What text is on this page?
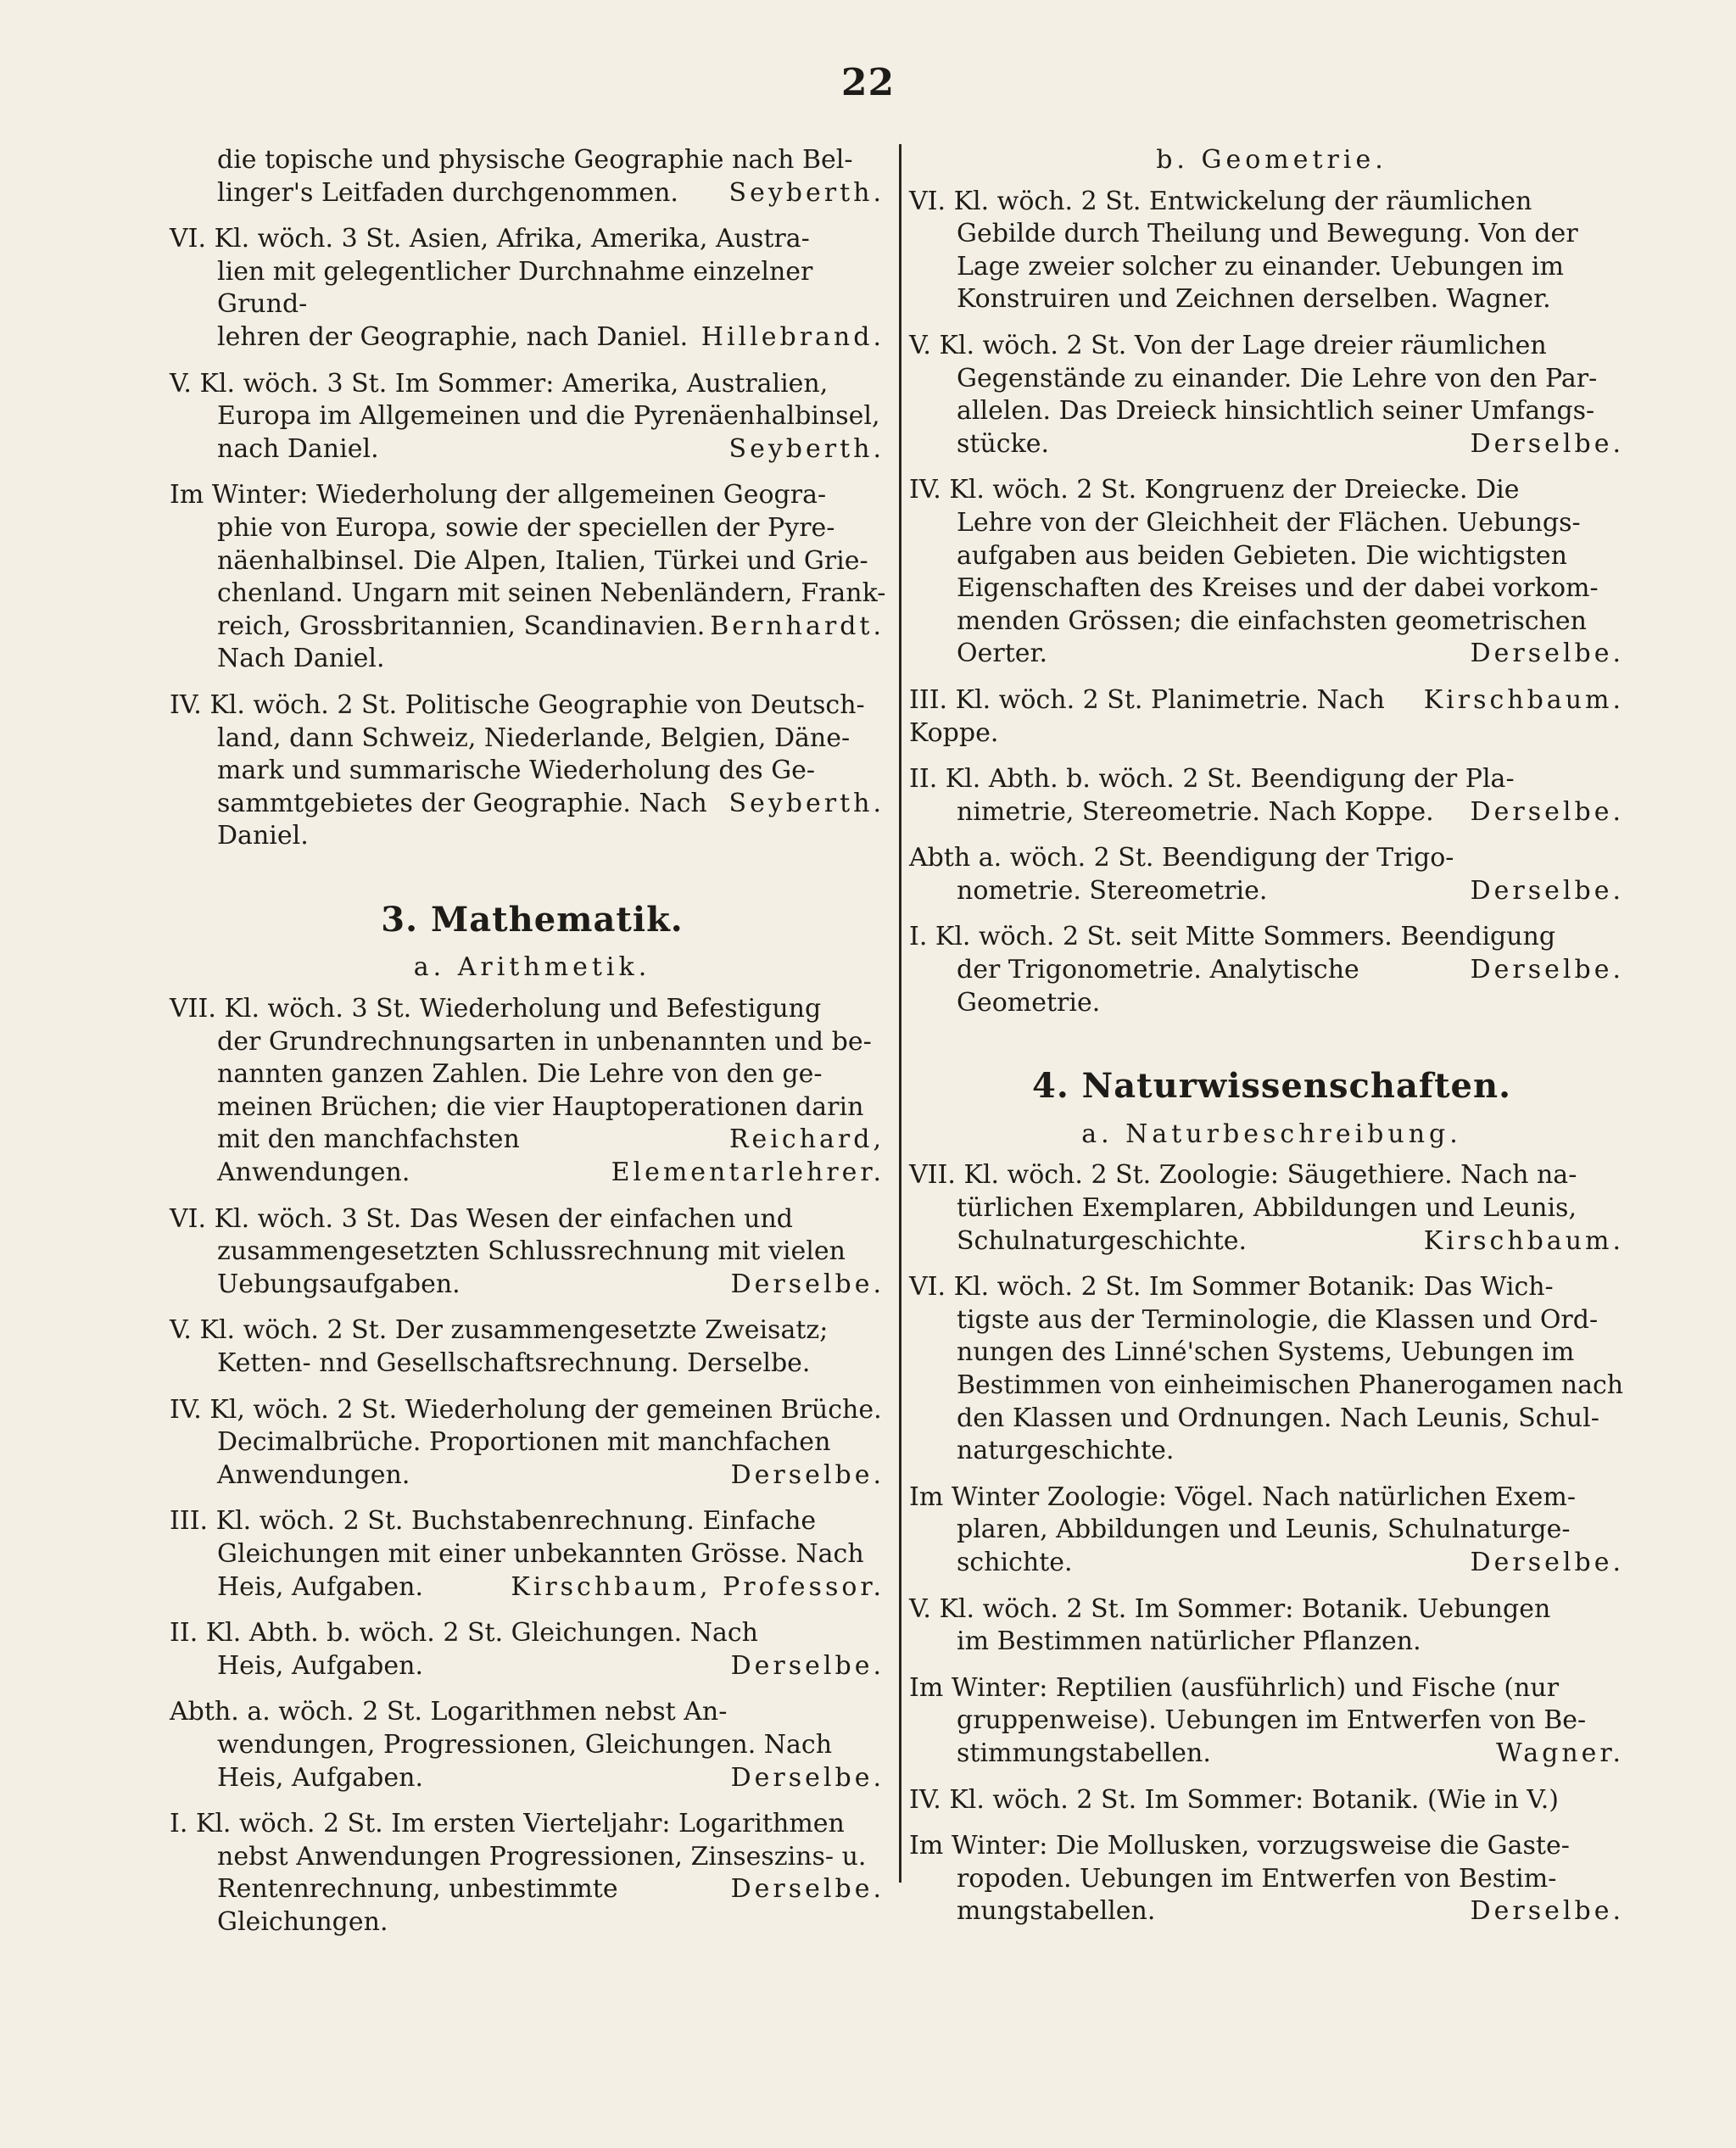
22

die topische und physische Geographie nach Bel-

linger's Leitfaden durchgenommen. Seyberth.

VI. Kl. wöch. 3 St. Asien, Afrika, Amerika, Austra-

lien mit gelegentlicher Durchnahme einzelner Grund-

lehren der Geographie, nach Daniel. Hillebrand.

V. Kl. wöch. 3 St. Im Sommer: Amerika, Australien,

Europa im Allgemeinen und die Pyrenäenhalbinsel,

nach Daniel.	Seyberth.

Im Winter: Wiederholung der allgemeinen Geogra-

phie von Europa, sowie der speciellen der Pyre-

näenhalbinsel. Die Alpen, Italien, Türkei und Grie-

chenland. Ungarn mit seinen Nebenländern, Frank-

reich, Grossbritannien, Scandinavien. Nach Daniel.
Bernhardt.

IV. Kl. wöch. 2 St. Politische Geographie von Deutsch-

land, dann Schweiz, Niederlande, Belgien, Däne-

mark und summarische Wiederholung des Ge-

sammtgebietes der Geographie. Nach Daniel.
Seyberth.

3. Mathematik.
a. Arithmetik.

VII. Kl. wöch. 3 St. Wiederholung und Befestigung

der Grundrechnungsarten in unbenannten und be-

nannten ganzen Zahlen. Die Lehre von den ge-

meinen Brüchen; die vier Hauptoperationen darin

mit den manchfachsten Anwendungen.
Reichard, Elementarlehrer.

VI. Kl. wöch. 3 St. Das Wesen der einfachen und

zusammengesetzten Schlussrechnung mit vielen

Uebungsaufgaben.	Derselbe.

V. Kl. wöch. 2 St. Der zusammengesetzte Zweisatz;

Ketten- nnd Gesellschaftsrechnung. Derselbe.

IV. Kl, wöch. 2 St. Wiederholung der gemeinen Brüche.

Decimalbrüche. Proportionen mit manchfachen

Anwendungen.	Derselbe.

III. Kl. wöch. 2 St. Buchstabenrechnung. Einfache

Gleichungen mit einer unbekannten Grösse. Nach

Heis, Aufgaben.	Kirschbaum, Professor.

II. Kl. Abth. b. wöch. 2 St. Gleichungen. Nach

Heis, Aufgaben.	Derselbe.

Abth. a. wöch. 2 St. Logarithmen nebst An-

wendungen, Progressionen, Gleichungen. Nach

Heis, Aufgaben.	Derselbe.

I. Kl. wöch. 2 St. Im ersten Vierteljahr: Logarithmen

nebst Anwendungen Progressionen, Zinseszins- u.

Rentenrechnung, unbestimmte Gleichungen.
Derselbe.

b. Geometrie.

VI. Kl. wöch. 2 St. Entwickelung der räumlichen

Gebilde durch Theilung und Bewegung. Von der

Lage zweier solcher zu einander. Uebungen im

Konstruiren und Zeichnen derselben. Wagner.

V. Kl. wöch. 2 St. Von der Lage dreier räumlichen

Gegenstände zu einander. Die Lehre von den Par-

allelen. Das Dreieck hinsichtlich seiner Umfangs-

stücke.	Derselbe.

IV. Kl. wöch. 2 St. Kongruenz der Dreiecke. Die

Lehre von der Gleichheit der Flächen. Uebungs-

aufgaben aus beiden Gebieten. Die wichtigsten

Eigenschaften des Kreises und der dabei vorkom-

menden Grössen; die einfachsten geometrischen

Oerter.	Derselbe.

III. Kl. wöch. 2 St. Planimetrie. Nach Koppe.
Kirschbaum.

II. Kl. Abth. b. wöch. 2 St. Beendigung der Pla-

nimetrie, Stereometrie. Nach Koppe. Derselbe.

Abth a. wöch. 2 St. Beendigung der Trigo-

nometrie. Stereometrie.	Derselbe.

I. Kl. wöch. 2 St. seit Mitte Sommers. Beendigung

der Trigonometrie. Analytische Geometrie.
Derselbe.

4. Naturwissenschaften.
a. Naturbeschreibung.

VII. Kl. wöch. 2 St. Zoologie: Säugethiere. Nach na-

türlichen Exemplaren, Abbildungen und Leunis,

Schulnaturgeschichte.	Kirschbaum.

VI. Kl. wöch. 2 St. Im Sommer Botanik: Das Wich-

tigste aus der Terminologie, die Klassen und Ord-

nungen des Linné'schen Systems, Uebungen im

Bestimmen von einheimischen Phanerogamen nach

den Klassen und Ordnungen. Nach Leunis, Schul-

naturgeschichte.

Im Winter Zoologie: Vögel. Nach natürlichen Exem-

plaren, Abbildungen und Leunis, Schulnaturge-

schichte.	Derselbe.

V. Kl. wöch. 2 St. Im Sommer: Botanik. Uebungen

im Bestimmen natürlicher Pflanzen.

Im Winter: Reptilien (ausführlich) und Fische (nur

gruppenweise). Uebungen im Entwerfen von Be-

stimmungstabellen.	Wagner.

IV. Kl. wöch. 2 St. Im Sommer: Botanik. (Wie in V.)

Im Winter: Die Mollusken, vorzugsweise die Gaste-

ropoden. Uebungen im Entwerfen von Bestim-

mungstabellen.	Derselbe.
